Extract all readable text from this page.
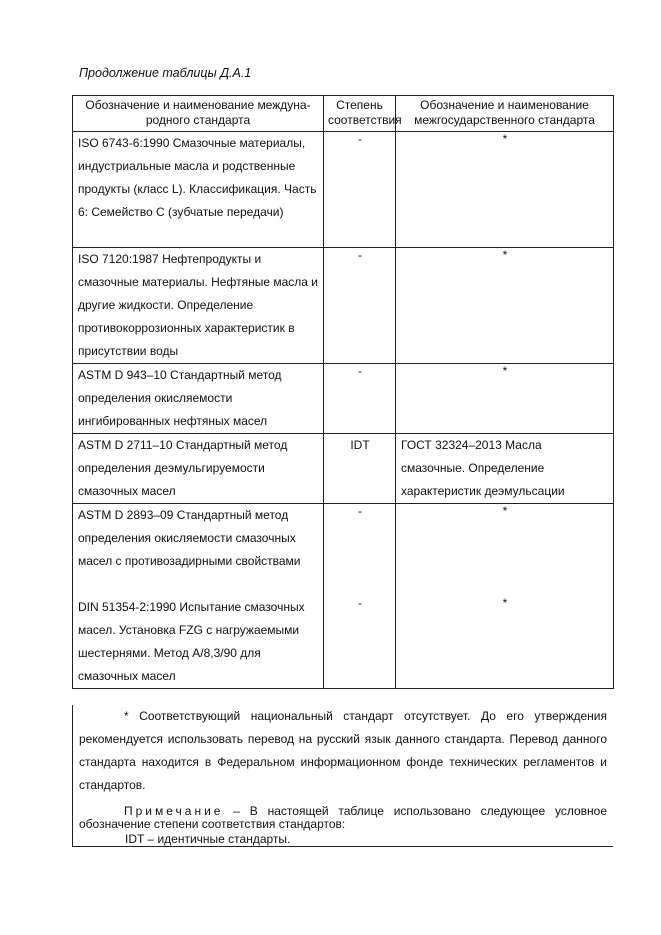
Продолжение таблицы Д.А.1
Обозначение и наименование международного стандарта	Степень соответствия	Обозначение и наименование межгосударственного стандарта
ISO 6743-6:1990 Смазочные материалы, индустриальные масла и родственные продукты (класс L). Классификация. Часть 6: Семейство С (зубчатые передачи)	-	*
ISO 7120:1987 Нефтепродукты и смазочные материалы. Нефтяные масла и другие жидкости. Определение противокоррозионных характеристик в присутствии воды	-	*
ASTM D 943–10 Стандартный метод определения окисляемости ингибированных нефтяных масел	-	*
ASTM D 2711–10 Стандартный метод определения деэмульгируемости смазочных масел	IDT	ГОСТ 32324–2013 Масла смазочные. Определение характеристик деэмульсации
ASTM D 2893–09 Стандартный метод определения окисляемости смазочных масел с противозадирными свойствами	-	*
DIN 51354-2:1990 Испытание смазочных масел. Установка FZG с нагружаемыми шестернями. Метод A/8,3/90 для смазочных масел	-	*
* Соответствующий национальный стандарт отсутствует. До его утверждения рекомендуется использовать перевод на русский язык данного стандарта. Перевод данного стандарта находится в Федеральном информационном фонде технических регламентов и стандартов.
Примечание – В настоящей таблице использовано следующее условное обозначение степени соответствия стандартов:
IDT – идентичные стандарты.
